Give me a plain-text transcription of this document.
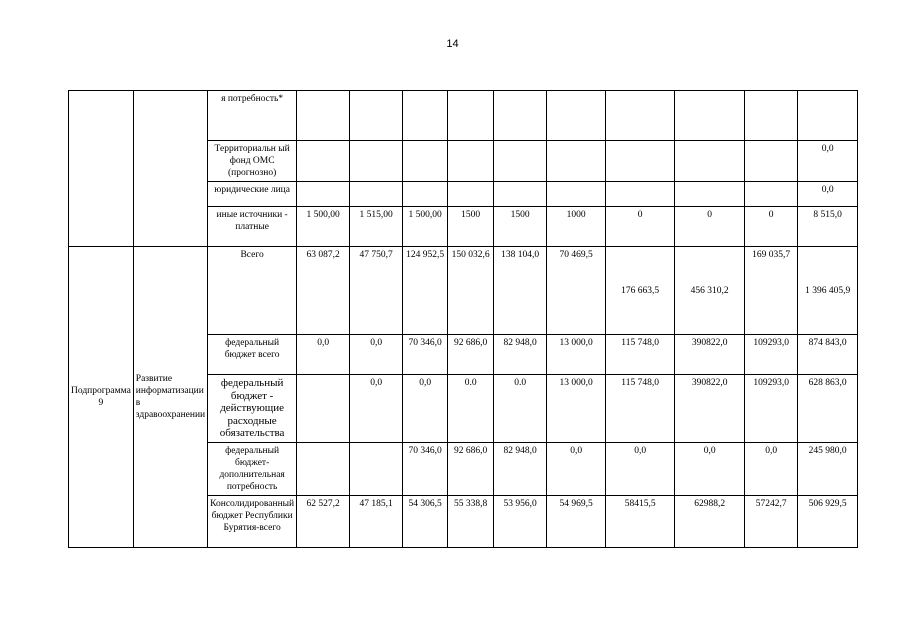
14
		я потребность*										
		Территориальн ый фонд ОМС (прогнозно)										0,0
		юридические лица										0,0
		иные источники - платные	1 500,00	1 515,00	1 500,00	1500	1500	1000	0	0	0	8 515,0
Подпрограмма 9	Развитие информатизации в здравоохранении	Всего	63 087,2	47 750,7	124 952,5	150 032,6	138 104,0	70 469,5	176 663,5	456 310,2	169 035,7	1 396 405,9
		федеральный бюджет всего	0,0	0,0	70 346,0	92 686,0	82 948,0	13 000,0	115 748,0	390822,0	109293,0	874 843,0
		федеральный бюджет - действующие расходные обязательства		0,0	0,0	0.0	0.0	13 000,0	115 748,0	390822,0	109293,0	628 863,0
		федеральный бюджет-дополнительная потребность			70 346,0	92 686,0	82 948,0	0,0	0,0	0,0	0,0	245 980,0
		Консолидированный бюджет Республики Бурятия-всего	62 527,2	47 185,1	54 306,5	55 338,8	53 956,0	54 969,5	58415,5	62988,2	57242,7	506 929,5
